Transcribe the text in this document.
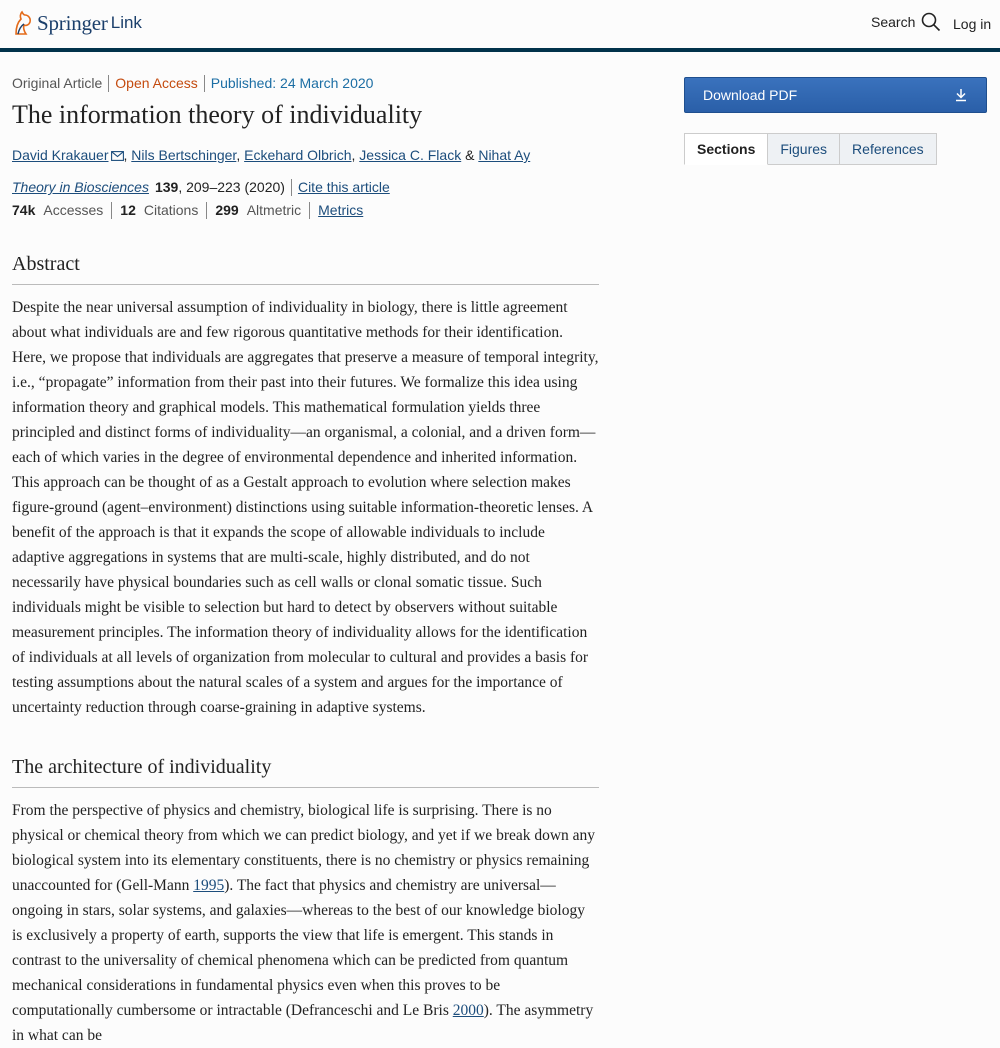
Springer Link	Search	Log in
Original Article Open Access Published: 24 March 2020
The information theory of individuality
David Krakauer , Nils Bertschinger, Eckehard Olbrich, Jessica C. Flack & Nihat Ay
Theory in Biosciences 139 , 209–223 (2020) Cite this article
74k Accesses 12 Citations 299 Altmetric Metrics
Abstract

Despite the near universal assumption of individuality in biology, there is little agreement about what individuals are and few rigorous quantitative methods for their identification. Here, we propose that individuals are aggregates that preserve a measure of temporal integrity, i.e., “propagate” information from their past into their futures. We formalize this idea using information theory and graphical models. This mathematical formulation yields three principled and distinct forms of individuality—an organismal, a colonial, and a driven form—each of which varies in the degree of environmental dependence and inherited information. This approach can be thought of as a Gestalt approach to evolution where selection makes figure-ground (agent–environment) distinctions using suitable information-theoretic lenses. A benefit of the approach is that it expands the scope of allowable individuals to include adaptive aggregations in systems that are multi-scale, highly distributed, and do not necessarily have physical boundaries such as cell walls or clonal somatic tissue. Such individuals might be visible to selection but hard to detect by observers without suitable measurement principles. The information theory of individuality allows for the identification of individuals at all levels of organization from molecular to cultural and provides a basis for testing assumptions about the natural scales of a system and argues for the importance of uncertainty reduction through coarse-graining in adaptive systems.

The architecture of individuality

From the perspective of physics and chemistry, biological life is surprising. There is no physical or chemical theory from which we can predict biology, and yet if we break down any biological system into its elementary constituents, there is no chemistry or physics remaining unaccounted for (Gell-Mann 1995). The fact that physics and chemistry are universal—ongoing in stars, solar systems, and galaxies—whereas to the best of our knowledge biology is exclusively a property of earth, supports the view that life is emergent. This stands in contrast to the universality of chemical phenomena which can be predicted from quantum mechanical considerations in fundamental physics even when this proves to be computationally cumbersome or intractable (Defranceschi and Le Bris 2000). The asymmetry in what can be

Download PDF
Sections	Figures	References
